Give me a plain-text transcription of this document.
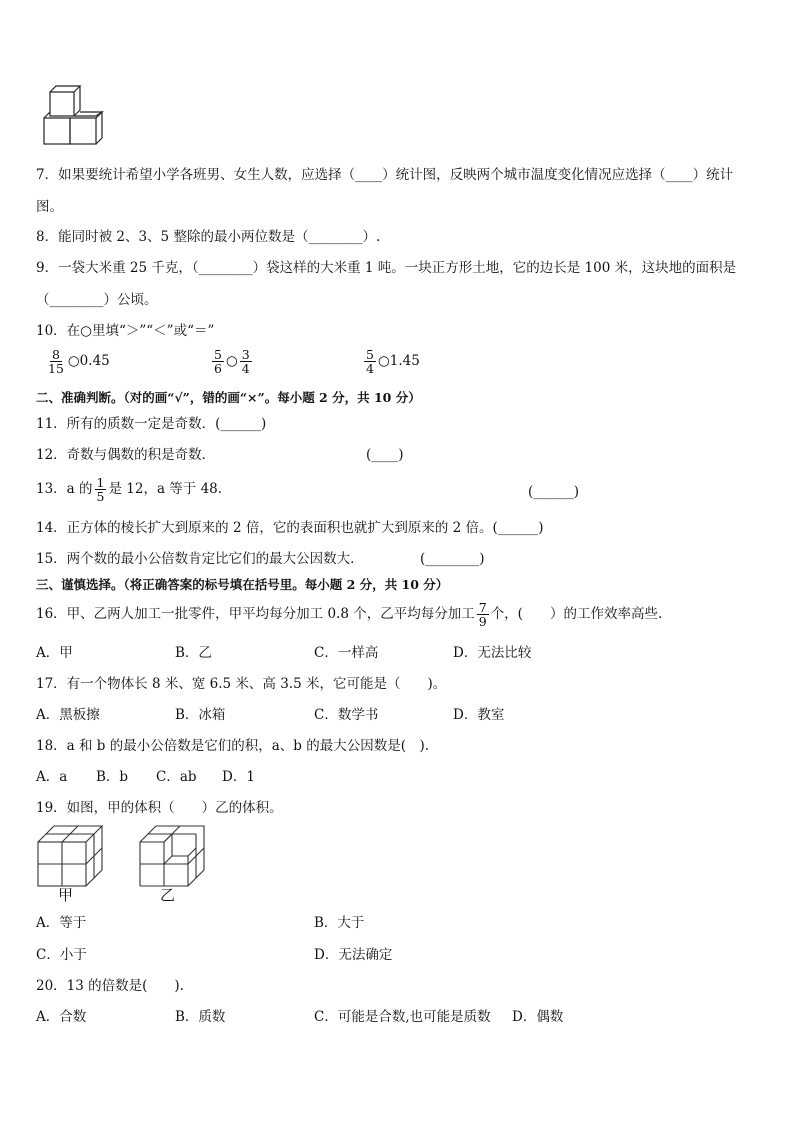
7．如果要统计希望小学各班男、女生人数，应选择（____）统计图，反映两个城市温度变化情况应选择（____）统计
图。
8．能同时被 2、3、5 整除的最小两位数是（________）.
9．一袋大米重 25 千克，（________）袋这样的大米重 1 吨。一块正方形土地，它的边长是 100 米，这块地的面积是
（________）公顷。
10．在○里填“＞”“＜”或“＝”
$\frac{8}{15}$ ○0.45	$\frac{5}{6}$ ○ $\frac{3}{4}$	$\frac{5}{4}$ ○1.45
二、准确判断。（对的画“√”，错的画“×”。每小题 2 分，共 10 分）
11．所有的质数一定是奇数．(______)
12．奇数与偶数的积是奇数．	(____)
13．a 的 $\frac{1}{5}$ 是 12，a 等于 48.	(______)
14．正方体的棱长扩大到原来的 2 倍，它的表面积也就扩大到原来的 2 倍。(______)
15．两个数的最小公倍数肯定比它们的最大公因数大．	(________)
三、谨慎选择。（将正确答案的标号填在括号里。每小题 2 分，共 10 分）
16．甲、乙两人加工一批零件，甲平均每分加工 0.8 个，乙平均每分加工 $\frac{7}{9}$ 个，(　　）的工作效率高些.
A．甲	B．乙	C．一样高	D．无法比较
17．有一个物体长 8 米、宽 6.5 米、高 3.5 米，它可能是（　　)。
A．黑板擦	B．冰箱	C．数学书	D．教室
18．a 和 b 的最小公倍数是它们的积，a、b 的最大公因数是(　).
A．a B．b C．ab D．1
19．如图，甲的体积（　　）乙的体积。
甲	乙
A．等于	B．大于
C．小于	D．无法确定
20．13 的倍数是(　　).
A．合数	B．质数	C．可能是合数,也可能是质数 D．偶数
